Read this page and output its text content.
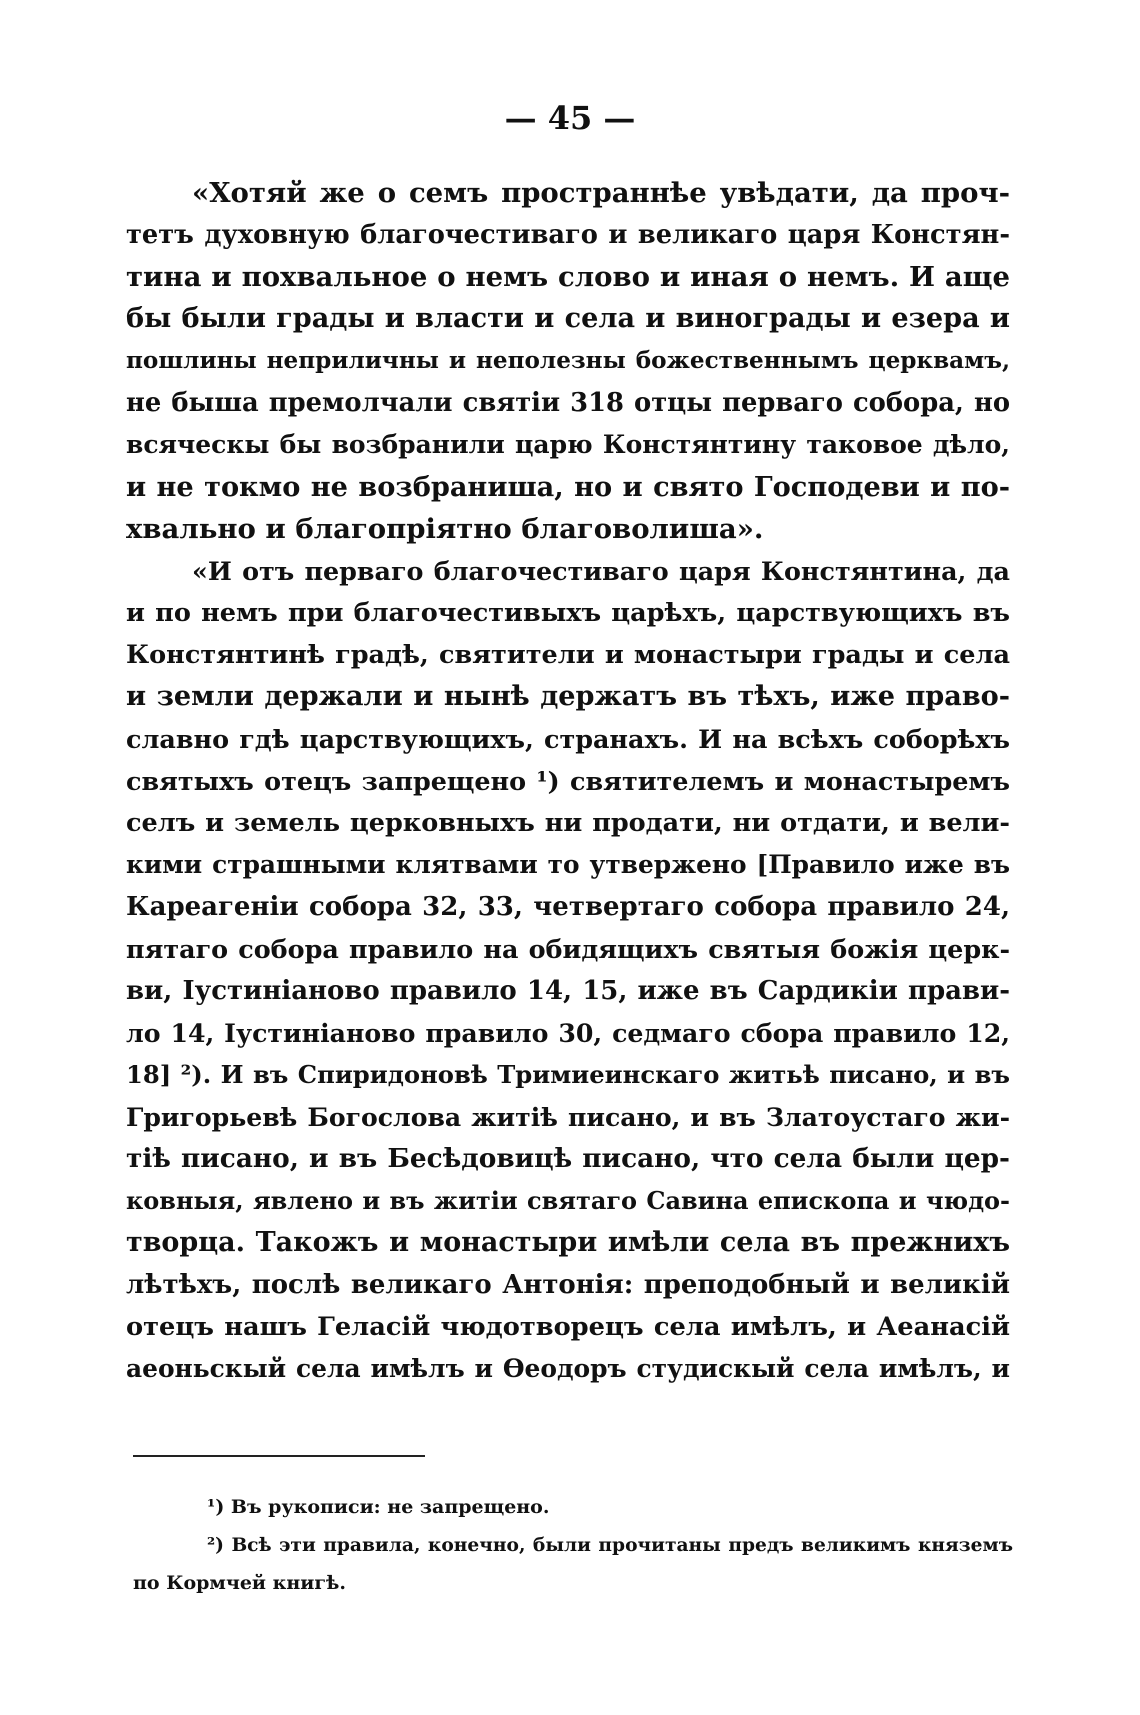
— 45 —
«Хотяй же о семъ пространнѣе увѣдати, да проч-
тетъ духовную благочестиваго и великаго царя Констян-
тина и похвальное о немъ слово и иная о немъ. И аще
бы были грады и власти и села и винограды и езера и
пошлины неприличны и неполезны божественнымъ церквамъ,
не быша премолчали святіи 318 отцы перваго собора, но
всяческы бы возбранили царю Констянтину таковое дѣло,
и не токмо не возбраниша, но и свято Господеви и по-
хвально и благопріятно благоволиша».
«И отъ перваго благочестиваго царя Констянтина, да
и по немъ при благочестивыхъ царѣхъ, царствующихъ въ
Констянтинѣ градѣ, святители и монастыри грады и села
и земли держали и нынѣ держатъ въ тѣхъ, иже право-
славно гдѣ царствующихъ, странахъ. И на всѣхъ соборѣхъ
святыхъ отецъ запрещено ¹) святителемъ и монастыремъ
селъ и земель церковныхъ ни продати, ни отдати, и вели-
кими страшными клятвами то утвержено [Правило иже въ
Кареагеніи собора 32, 33, четвертаго собора правило 24,
пятаго собора правило на обидящихъ святыя божія церк-
ви, Іустиніаново правило 14, 15, иже въ Сардикіи прави-
ло 14, Іустиніаново правило 30, седмаго сбора правило 12,
18] ²). И въ Спиридоновѣ Тримиеинскаго житьѣ писано, и въ
Григорьевѣ Богослова житіѣ писано, и въ Златоустаго жи-
тіѣ писано, и въ Бесѣдовицѣ писано, что села были цер-
ковныя, явлено и въ житіи святаго Савина епископа и чюдо-
творца. Такожъ и монастыри имѣли села въ прежнихъ
лѣтѣхъ, послѣ великаго Антонія: преподобный и великій
отецъ нашъ Геласій чюдотворецъ села имѣлъ, и Аеанасій
аеоньскый села имѣлъ и Ѳеодоръ студискый села имѣлъ, и
¹) Въ рукописи: не запрещено.
²) Всѣ эти правила, конечно, были прочитаны предъ великимъ княземъ
по Кормчей книгѣ.
